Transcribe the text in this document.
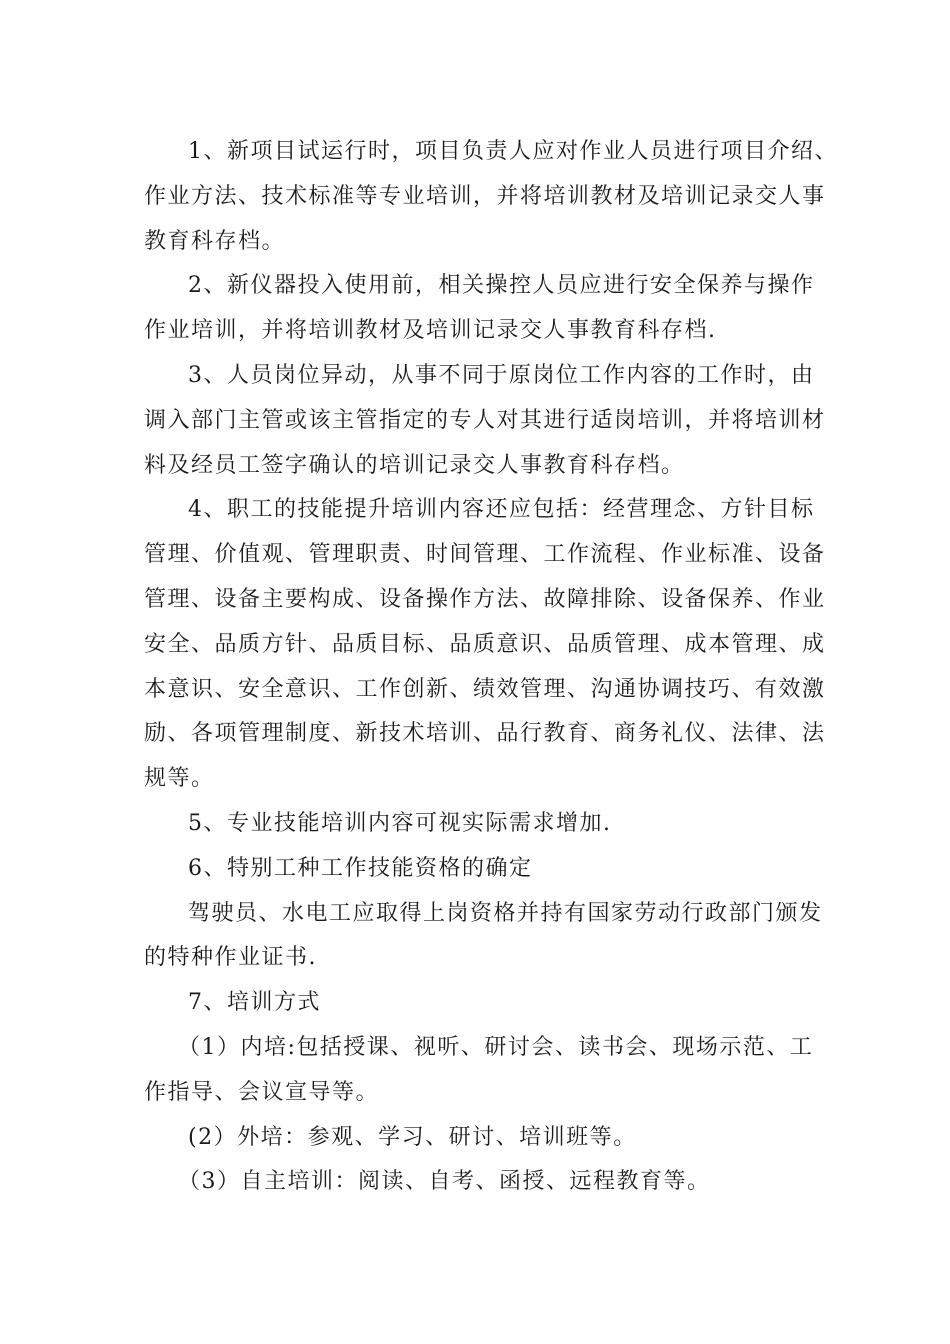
1、新项目试运行时，项目负责人应对作业人员进行项目介绍、
作业方法、技术标准等专业培训，并将培训教材及培训记录交人事
教育科存档。
2、新仪器投入使用前，相关操控人员应进行安全保养与操作
作业培训，并将培训教材及培训记录交人事教育科存档.
3、人员岗位异动，从事不同于原岗位工作内容的工作时，由
调入部门主管或该主管指定的专人对其进行适岗培训，并将培训材
料及经员工签字确认的培训记录交人事教育科存档。
4、职工的技能提升培训内容还应包括：经营理念、方针目标
管理、价值观、管理职责、时间管理、工作流程、作业标准、设备
管理、设备主要构成、设备操作方法、故障排除、设备保养、作业
安全、品质方针、品质目标、品质意识、品质管理、成本管理、成
本意识、安全意识、工作创新、绩效管理、沟通协调技巧、有效激
励、各项管理制度、新技术培训、品行教育、商务礼仪、法律、法
规等。
5、专业技能培训内容可视实际需求增加.
6、特别工种工作技能资格的确定
驾驶员、水电工应取得上岗资格并持有国家劳动行政部门颁发
的特种作业证书.
7、培训方式
（1）内培:包括授课、视听、研讨会、读书会、现场示范、工
作指导、会议宣导等。
(2）外培：参观、学习、研讨、培训班等。
（3）自主培训：阅读、自考、函授、远程教育等。
